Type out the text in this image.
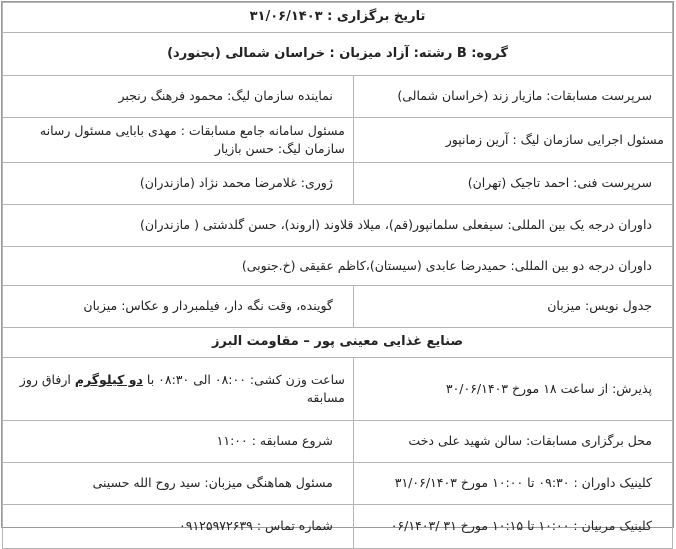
تاریخ برگزاری : ۳۱/۰۶/۱۴۰۳	
گروه: B رشته: آزاد میزبان : خراسان شمالی (بجنورد)	
سرپرست مسابقات: مازیار زند (خراسان شمالی)	نماینده سازمان لیگ: محمود فرهنگ رنجبر
مسئول اجرایی سازمان لیگ : آرین زمانپور	مسئول سامانه جامع مسابقات : مهدی بابایی مسئول رسانه سازمان لیگ: حسن بازیار
سرپرست فنی: احمد تاجیک (تهران)	ژوری: غلامرضا محمد نژاد (مازندران)
داوران درجه یک بین المللی: سیفعلی سلمانپور(قم)، میلاد قلاوند (اروند)، حسن گلدشتی ( مازندران)	
داوران درجه دو بین المللی: حمیدرضا عابدی (سیستان)،کاظم عقیقی (خ.جنوبی)	
جدول نویس: میزبان	گوینده، وقت نگه دار، فیلمبردار و عکاس: میزبان
صنایع غذایی معینی پور – مقاومت البرز	
پذیرش: از ساعت ۱۸ مورخ ۳۰/۰۶/۱۴۰۳	ساعت وزن کشی: ۰۸:۰۰ الی ۰۸:۳۰ با دو کیلوگرم ارفاق روز مسابقه
محل برگزاری مسابقات: سالن شهید علی دخت	شروع مسابقه : ۱۱:۰۰
کلینیک داوران : ۰۹:۳۰ تا ۱۰:۰۰ مورخ ۳۱/۰۶/۱۴۰۳	مسئول هماهنگی میزبان: سید روح الله حسینی
کلینیک مربیان : ۱۰:۰۰ تا ۱۰:۱۵ مورخ ۳۱ /۰۶/۱۴۰۳	شماره تماس : ۰۹۱۲۵۹۷۲۶۳۹
